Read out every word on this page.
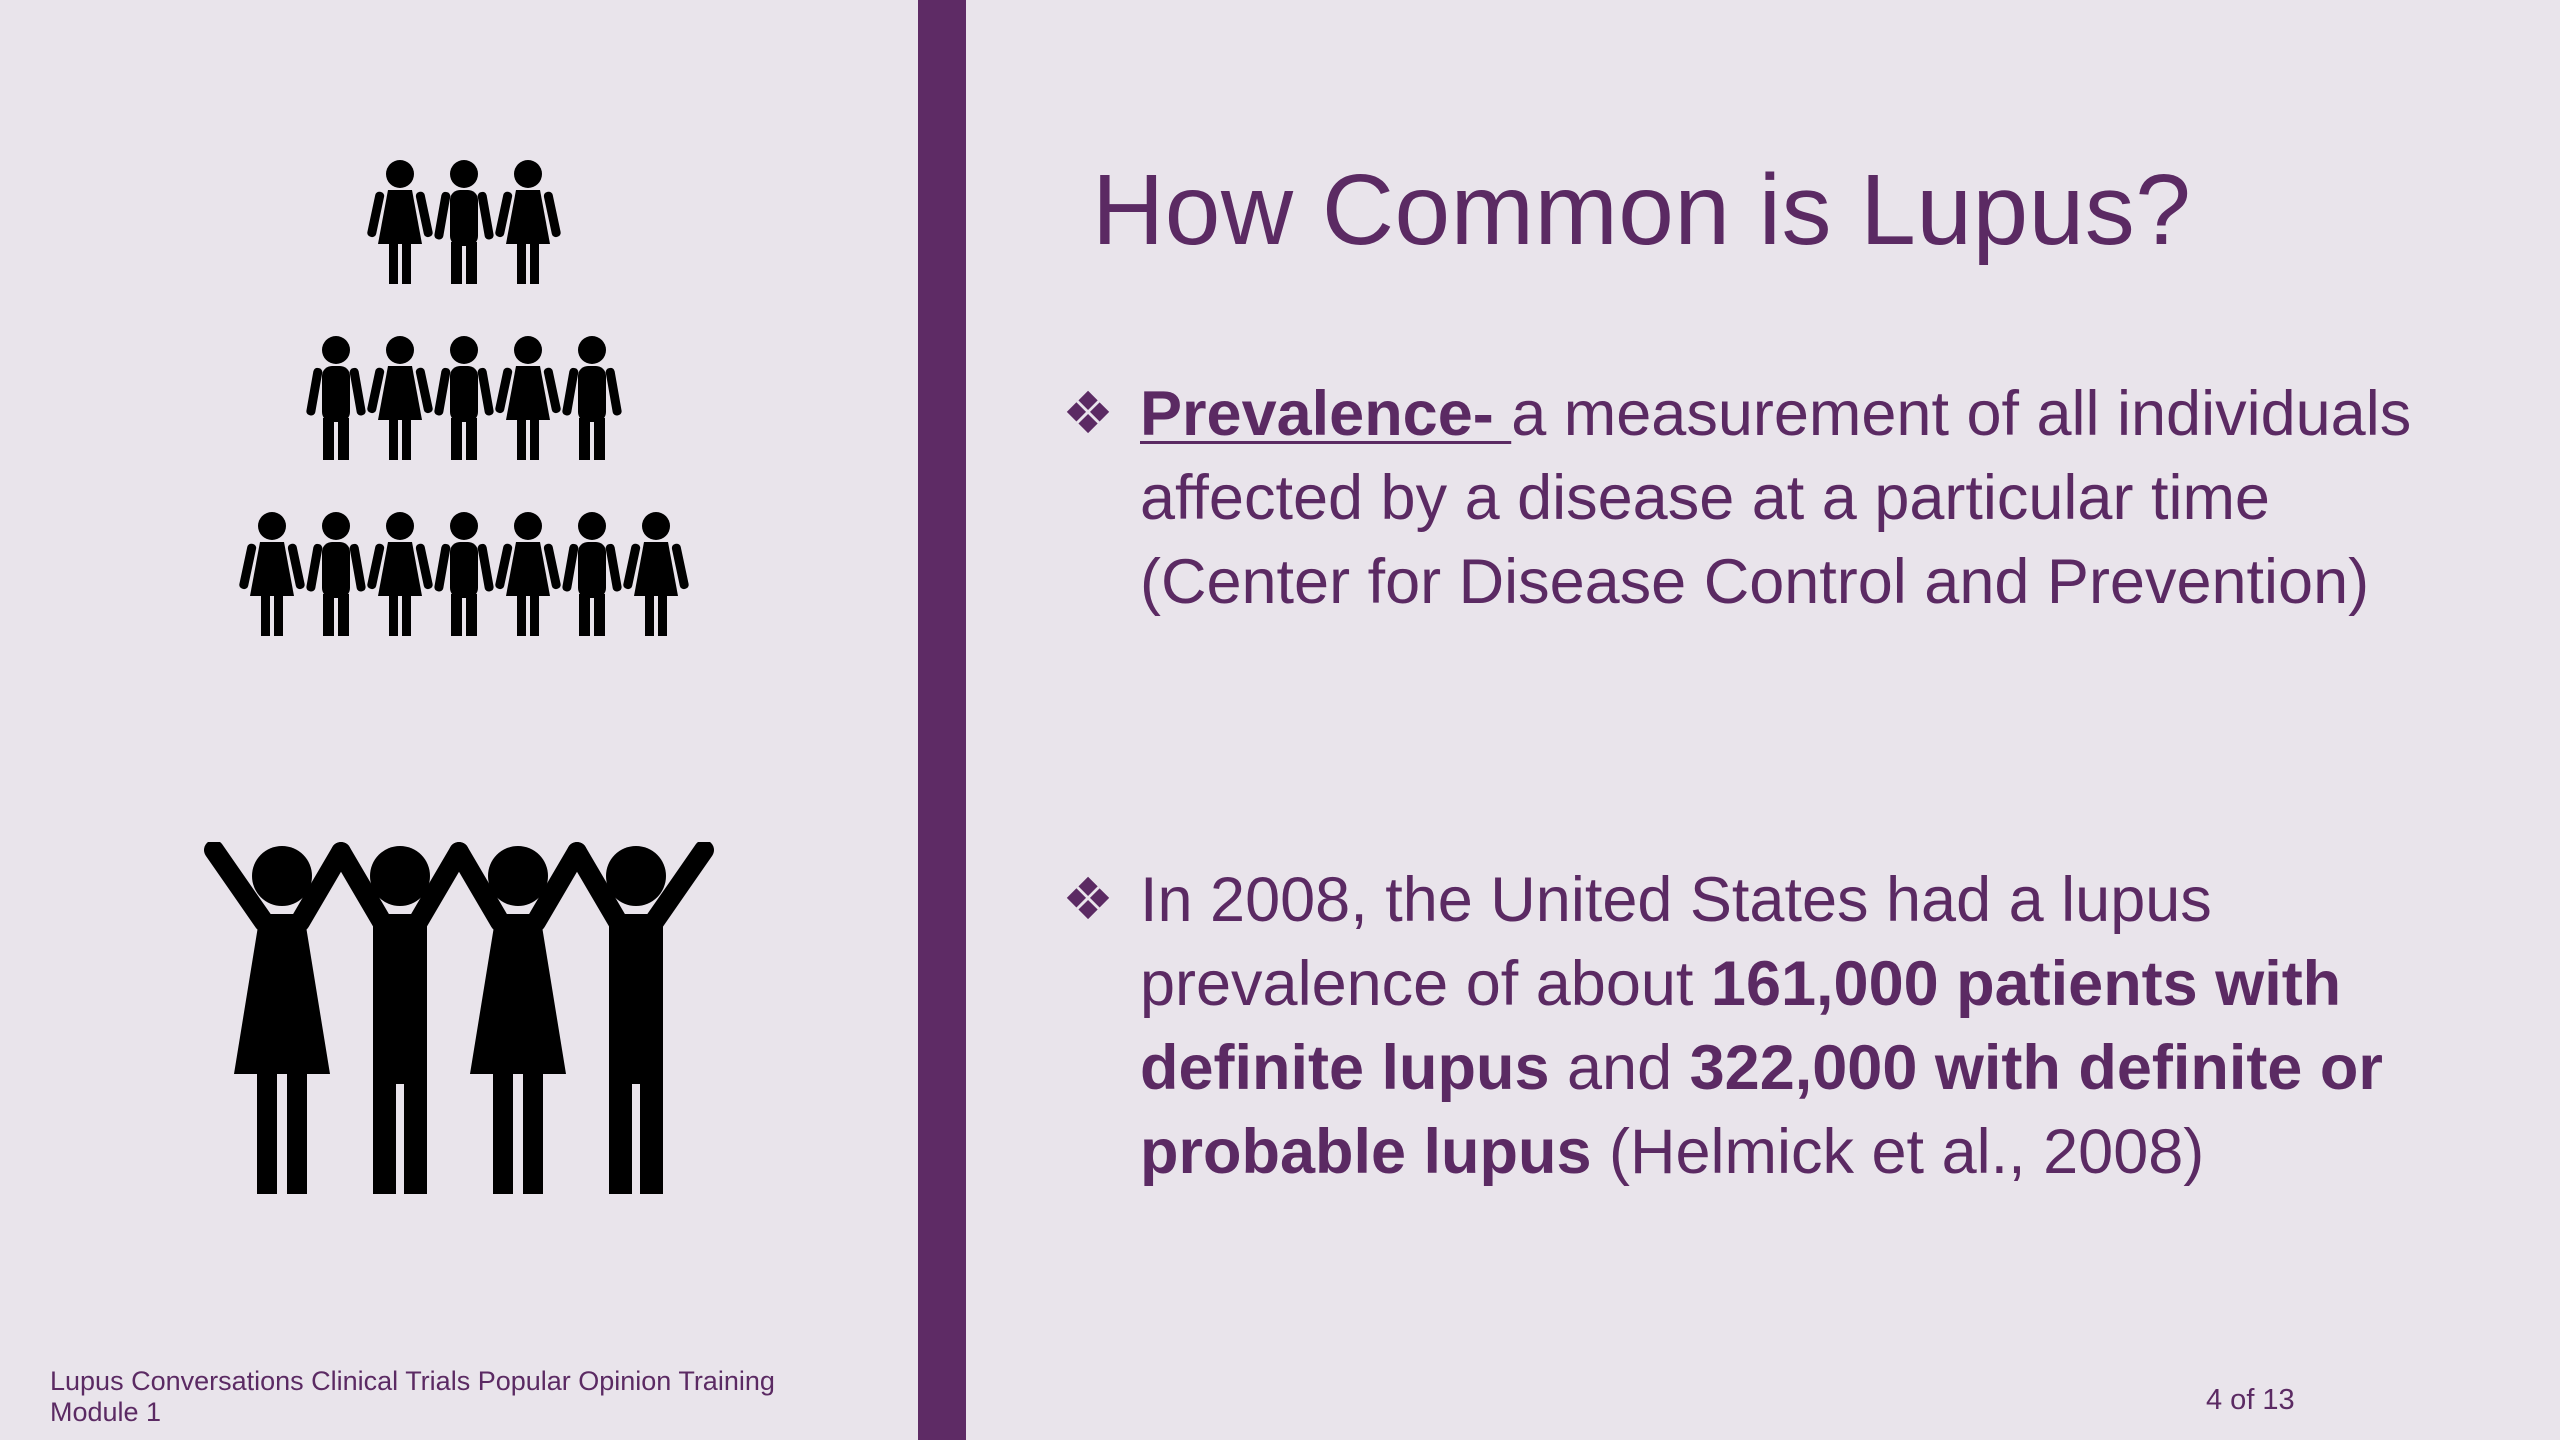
How Common is Lupus?
❖ Prevalence- a measurement of all individuals affected by a disease at a particular time (Center for Disease Control and Prevention)
❖ In 2008, the United States had a lupus prevalence of about 161,000 patients with definite lupus and 322,000 with definite or probable lupus (Helmick et al., 2008)
Lupus Conversations Clinical Trials Popular Opinion Training Module 1	4 of 13
